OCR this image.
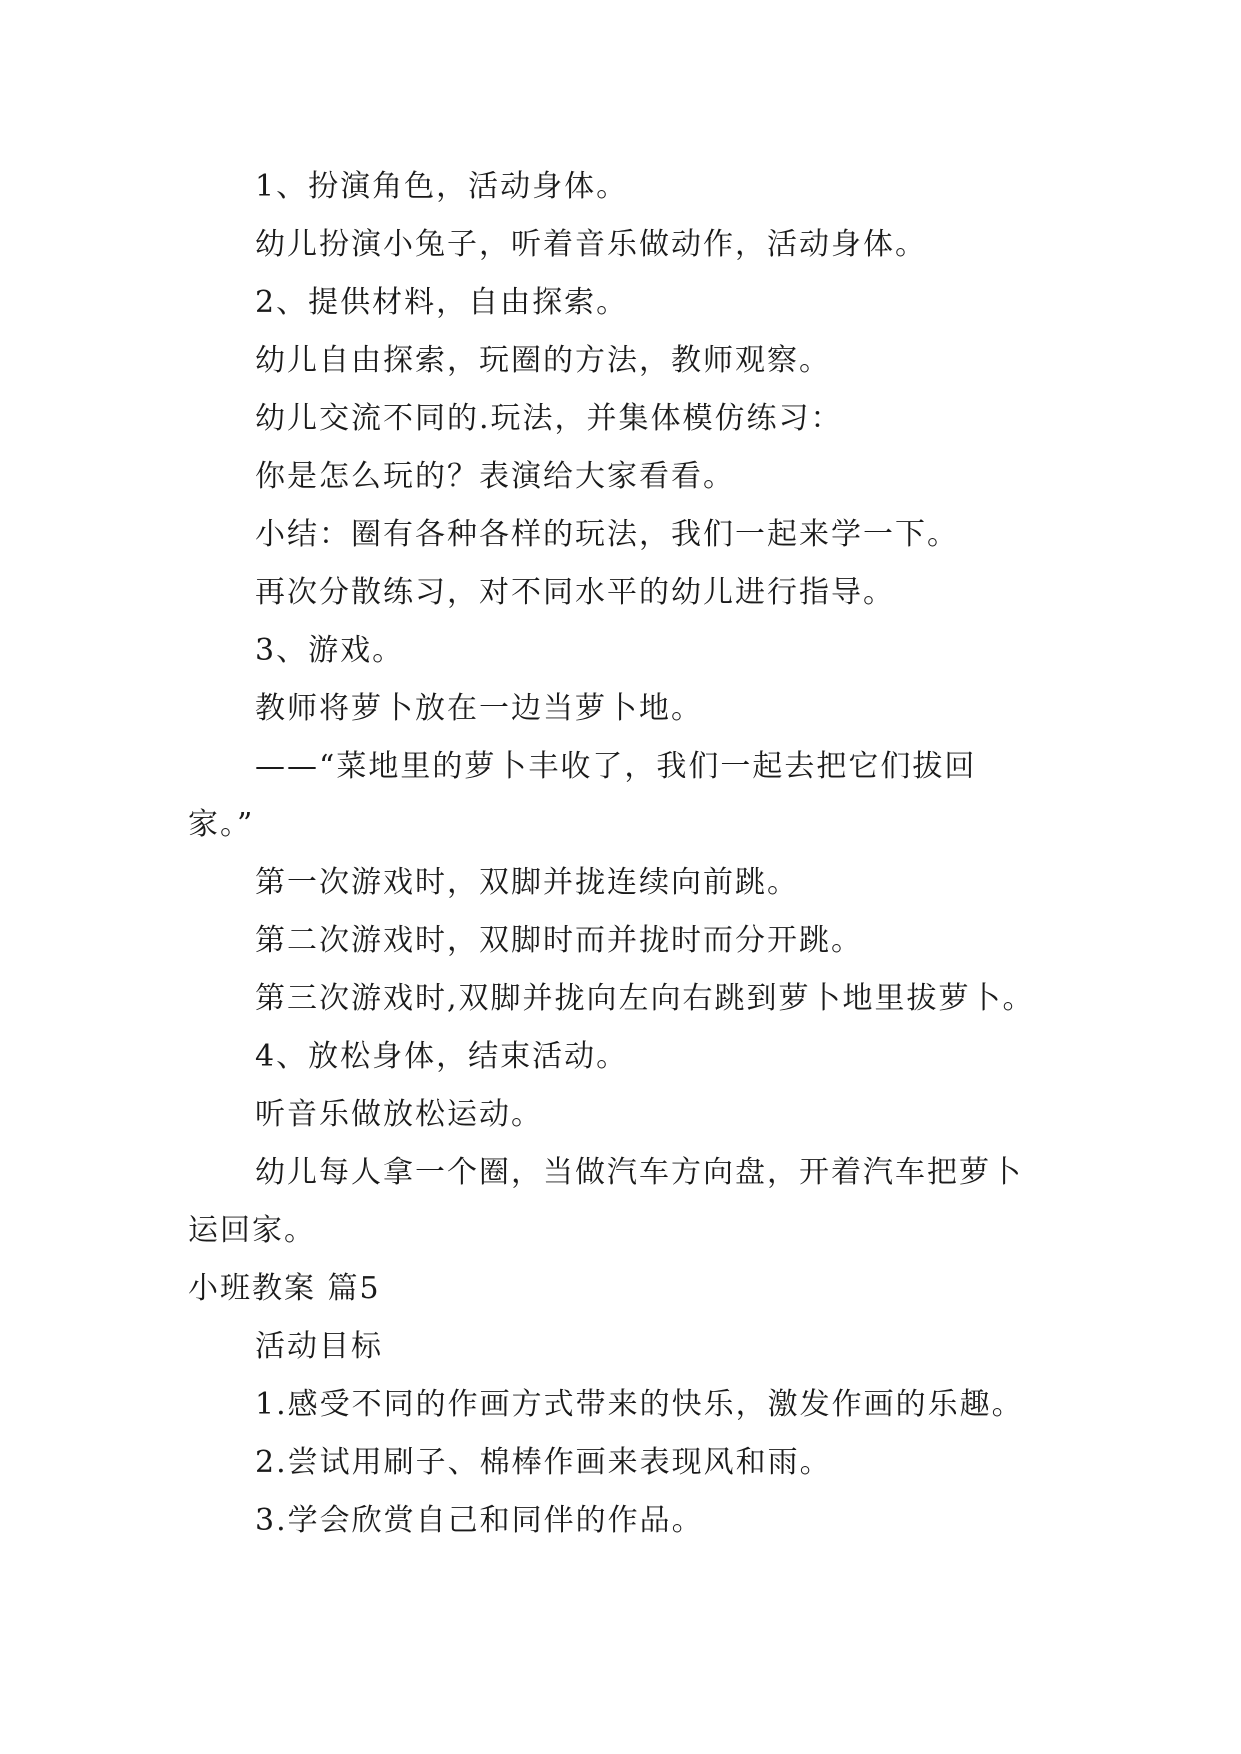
1、扮演角色，活动身体。
幼儿扮演小兔子，听着音乐做动作，活动身体。
2、提供材料，自由探索。
幼儿自由探索，玩圈的方法，教师观察。
幼儿交流不同的.玩法，并集体模仿练习：
你是怎么玩的？表演给大家看看。
小结：圈有各种各样的玩法，我们一起来学一下。
再次分散练习，对不同水平的幼儿进行指导。
3、游戏。
教师将萝卜放在一边当萝卜地。
——“菜地里的萝卜丰收了，我们一起去把它们拔回
家。”
第一次游戏时，双脚并拢连续向前跳。
第二次游戏时，双脚时而并拢时而分开跳。
第三次游戏时,双脚并拢向左向右跳到萝卜地里拔萝卜。
4、放松身体，结束活动。
听音乐做放松运动。
幼儿每人拿一个圈，当做汽车方向盘，开着汽车把萝卜
运回家。
小班教案 篇5
活动目标
1.感受不同的作画方式带来的快乐，激发作画的乐趣。
2.尝试用刷子、棉棒作画来表现风和雨。
3.学会欣赏自己和同伴的作品。
